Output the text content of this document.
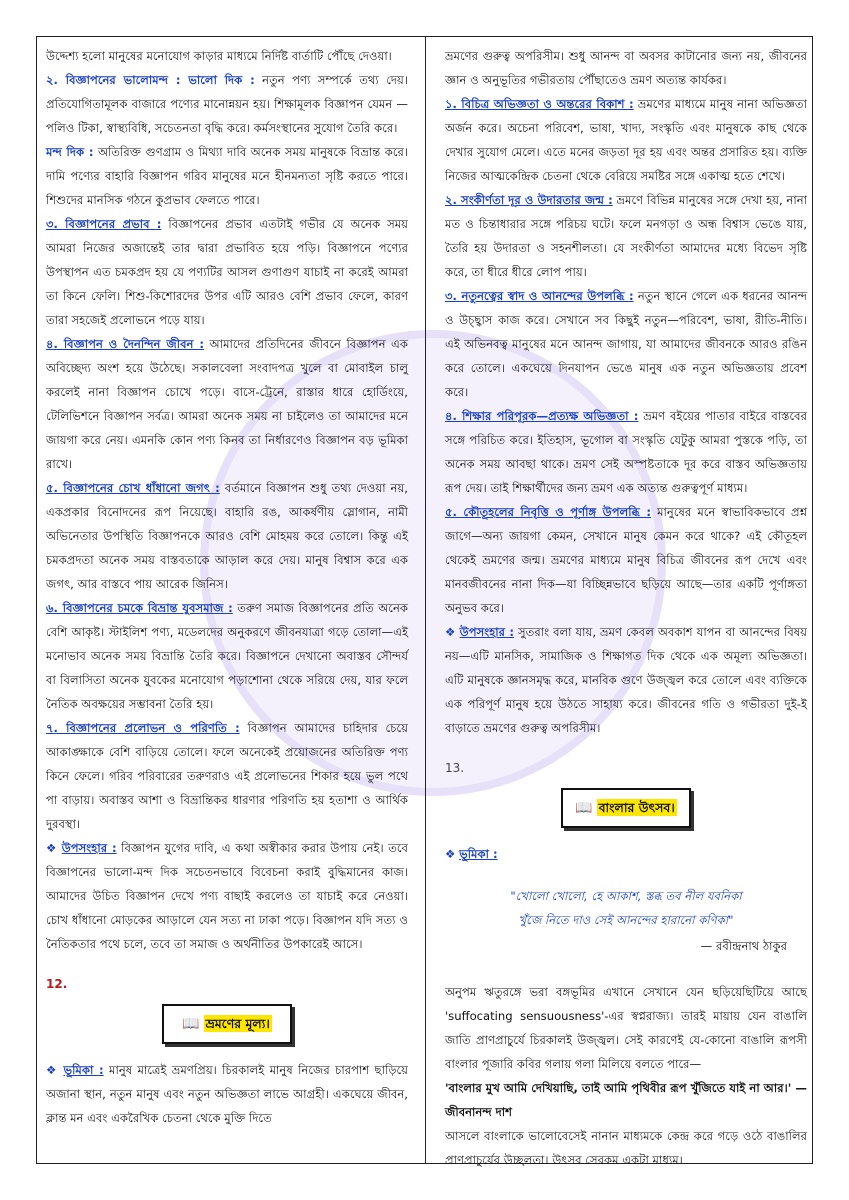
উদ্দেশ্য হলো মানুষের মনোযোগ কাড়ার মাধ্যমে নির্দিষ্ট বার্তাটি পৌঁছে দেওয়া।

২. বিজ্ঞাপনের ভালোমন্দ : ভালো দিক : নতুন পণ্য সম্পর্কে তথ্য দেয়। প্রতিযোগিতামূলক বাজারে পণ্যের মানোন্নয়ন হয়। শিক্ষামূলক বিজ্ঞাপন যেমন — পলিও টিকা, স্বাস্থ্যবিধি, সচেতনতা বৃদ্ধি করে। কর্মসংস্থানের সুযোগ তৈরি করে।

মন্দ দিক : অতিরিক্ত গুণগ্রাম ও মিথ্যা দাবি অনেক সময় মানুষকে বিভ্রান্ত করে। দামি পণ্যের বাহারি বিজ্ঞাপন গরিব মানুষের মনে হীনমন্যতা সৃষ্টি করতে পারে। শিশুদের মানসিক গঠনে কুপ্রভাব ফেলতে পারে।

৩. বিজ্ঞাপনের প্রভাব : বিজ্ঞাপনের প্রভাব এতটাই গভীর যে অনেক সময় আমরা নিজের অজান্তেই তার দ্বারা প্রভাবিত হয়ে পড়ি। বিজ্ঞাপনে পণ্যের উপস্থাপন এত চমকপ্রদ হয় যে পণ্যটির আসল গুণাগুণ যাচাই না করেই আমরা তা কিনে ফেলি। শিশু-কিশোরদের উপর এটি আরও বেশি প্রভাব ফেলে, কারণ তারা সহজেই প্রলোভনে পড়ে যায়।

৪. বিজ্ঞাপন ও দৈনন্দিন জীবন : আমাদের প্রতিদিনের জীবনে বিজ্ঞাপন এক অবিচ্ছেদ্য অংশ হয়ে উঠেছে। সকালবেলা সংবাদপত্র খুলে বা মোবাইল চালু করলেই নানা বিজ্ঞাপন চোখে পড়ে। বাসে-ট্রেনে, রাস্তার ধারে হোর্ডিংয়ে, টেলিভিশনে বিজ্ঞাপন সর্বত্র। আমরা অনেক সময় না চাইলেও তা আমাদের মনে জায়গা করে নেয়। এমনকি কোন পণ্য কিনব তা নির্ধারণেও বিজ্ঞাপন বড় ভূমিকা রাখে।

৫. বিজ্ঞাপনের চোখ ধাঁধানো জগৎ : বর্তমানে বিজ্ঞাপন শুধু তথ্য দেওয়া নয়, একপ্রকার বিনোদনের রূপ নিয়েছে। বাহারি রঙ, আকর্ষণীয় স্লোগান, নামী অভিনেতার উপস্থিতি বিজ্ঞাপনকে আরও বেশি মোহময় করে তোলে। কিন্তু এই চমকপ্রদতা অনেক সময় বাস্তবতাকে আড়াল করে দেয়। মানুষ বিশ্বাস করে এক জগৎ, আর বাস্তবে পায় আরেক জিনিস।

৬. বিজ্ঞাপনের চমকে বিভ্রান্ত যুবসমাজ : তরুণ সমাজ বিজ্ঞাপনের প্রতি অনেক বেশি আকৃষ্ট। স্টাইলিশ পণ্য, মডেলদের অনুকরণে জীবনযাত্রা গড়ে তোলা—এই মনোভাব অনেক সময় বিভ্রান্তি তৈরি করে। বিজ্ঞাপনে দেখানো অবাস্তব সৌন্দর্য বা বিলাসিতা অনেক যুবকের মনোযোগ পড়াশোনা থেকে সরিয়ে দেয়, যার ফলে নৈতিক অবক্ষয়ের সম্ভাবনা তৈরি হয়।

৭. বিজ্ঞাপনের প্রলোভন ও পরিণতি : বিজ্ঞাপন আমাদের চাহিদার চেয়ে আকাঙ্ক্ষাকে বেশি বাড়িয়ে তোলে। ফলে অনেকেই প্রয়োজনের অতিরিক্ত পণ্য কিনে ফেলে। গরিব পরিবারের তরুণরাও এই প্রলোভনের শিকার হয়ে ভুল পথে পা বাড়ায়। অবাস্তব আশা ও বিভ্রান্তিকর ধারণার পরিণতি হয় হতাশা ও আর্থিক দুরবস্থা।

❖ উপসংহার : বিজ্ঞাপন যুগের দাবি, এ কথা অস্বীকার করার উপায় নেই। তবে বিজ্ঞাপনের ভালো-মন্দ দিক সচেতনভাবে বিবেচনা করাই বুদ্ধিমানের কাজ। আমাদের উচিত বিজ্ঞাপন দেখে পণ্য বাছাই করলেও তা যাচাই করে নেওয়া। চোখ ধাঁধানো মোড়কের আড়ালে যেন সত্য না ঢাকা পড়ে। বিজ্ঞাপন যদি সত্য ও নৈতিকতার পথে চলে, তবে তা সমাজ ও অর্থনীতির উপকারেই আসে।

12.
📖 ভ্রমণের মূল্য।

❖ ভূমিকা : মানুষ মাত্রেই ভ্রমণপ্রিয়। চিরকালই মানুষ নিজের চারপাশ ছাড়িয়ে অজানা স্থান, নতুন মানুষ এবং নতুন অভিজ্ঞতা লাভে আগ্রহী। একঘেয়ে জীবন, ক্লান্ত মন এবং একরৈখিক চেতনা থেকে মুক্তি দিতে

ভ্রমণের গুরুত্ব অপরিসীম। শুধু আনন্দ বা অবসর কাটানোর জন্য নয়, জীবনের জ্ঞান ও অনুভূতির গভীরতায় পৌঁছাতেও ভ্রমণ অত্যন্ত কার্যকর।

১. বিচিত্র অভিজ্ঞতা ও অন্তরের বিকাশ : ভ্রমণের মাধ্যমে মানুষ নানা অভিজ্ঞতা অর্জন করে। অচেনা পরিবেশ, ভাষা, খাদ্য, সংস্কৃতি এবং মানুষকে কাছ থেকে দেখার সুযোগ মেলে। এতে মনের জড়তা দূর হয় এবং অন্তর প্রসারিত হয়। ব্যক্তি নিজের আত্মকেন্দ্রিক চেতনা থেকে বেরিয়ে সমষ্টির সঙ্গে একাত্ম হতে শেখে।

২. সংকীর্ণতা দূর ও উদারতার জন্ম : ভ্রমণে বিভিন্ন মানুষের সঙ্গে দেখা হয়, নানা মত ও চিন্তাধারার সঙ্গে পরিচয় ঘটে। ফলে মনগড়া ও অন্ধ বিশ্বাস ভেঙে যায়, তৈরি হয় উদারতা ও সহনশীলতা। যে সংকীর্ণতা আমাদের মধ্যে বিভেদ সৃষ্টি করে, তা ধীরে ধীরে লোপ পায়।

৩. নতুনত্বের স্বাদ ও আনন্দের উপলব্ধি : নতুন স্থানে গেলে এক ধরনের আনন্দ ও উচ্ছ্বাস কাজ করে। সেখানে সব কিছুই নতুন—পরিবেশ, ভাষা, রীতি-নীতি। এই অভিনবত্ব মানুষের মনে আনন্দ জাগায়, যা আমাদের জীবনকে আরও রঙিন করে তোলে। একঘেয়ে দিনযাপন ভেঙে মানুষ এক নতুন অভিজ্ঞতায় প্রবেশ করে।

৪. শিক্ষার পরিপূরক—প্রত্যক্ষ অভিজ্ঞতা : ভ্রমণ বইয়ের পাতার বাইরে বাস্তবের সঙ্গে পরিচিত করে। ইতিহাস, ভূগোল বা সংস্কৃতি যেটুকু আমরা পুস্তকে পড়ি, তা অনেক সময় আবছা থাকে। ভ্রমণ সেই অস্পষ্টতাকে দূর করে বাস্তব অভিজ্ঞতায় রূপ দেয়। তাই শিক্ষার্থীদের জন্য ভ্রমণ এক অত্যন্ত গুরুত্বপূর্ণ মাধ্যম।

৫. কৌতূহলের নিবৃত্তি ও পূর্ণাঙ্গ উপলব্ধি : মানুষের মনে স্বাভাবিকভাবে প্রশ্ন জাগে—অন্য জায়গা কেমন, সেখানে মানুষ কেমন করে থাকে? এই কৌতূহল থেকেই ভ্রমণের জন্ম। ভ্রমণের মাধ্যমে মানুষ বিচিত্র জীবনের রূপ দেখে এবং মানবজীবনের নানা দিক—যা বিচ্ছিন্নভাবে ছড়িয়ে আছে—তার একটি পূর্ণাঙ্গতা অনুভব করে।

❖ উপসংহার : সুতরাং বলা যায়, ভ্রমণ কেবল অবকাশ যাপন বা আনন্দের বিষয় নয়—এটি মানসিক, সামাজিক ও শিক্ষাগত দিক থেকে এক অমূল্য অভিজ্ঞতা। এটি মানুষকে জ্ঞানসমৃদ্ধ করে, মানবিক গুণে উজ্জ্বল করে তোলে এবং ব্যক্তিকে এক পরিপূর্ণ মানুষ হয়ে উঠতে সাহায্য করে। জীবনের গতি ও গভীরতা দুই-ই বাড়াতে ভ্রমণের গুরুত্ব অপরিসীম।

13.
📖 বাংলার উৎসব।

❖ ভূমিকা :

"খোলো খোলো, হে আকাশ, স্তব্ধ তব নীল যবনিকা
খুঁজে নিতে দাও সেই আনন্দের হারানো কণিকা"
— রবীন্দ্রনাথ ঠাকুর

অনুপম ঋতুরঙ্গে ভরা বঙ্গভূমির এখানে সেখানে যেন ছড়িয়েছিটিয়ে আছে 'suffocating sensuousness'-এর স্বপ্নরাজ্য। তারই মায়ায় যেন বাঙালি জাতি প্রাণপ্রাচুর্যে চিরকালই উজ্জ্বল। সেই কারণেই যে-কোনো বাঙালি রূপসী বাংলার পূজারি কবির গলায় গলা মিলিয়ে বলতে পারে—

'বাংলার মুখ আমি দেখিয়াছি, তাই আমি পৃথিবীর রূপ খুঁজিতে যাই না আর।' — জীবনানন্দ দাশ

আসলে বাংলাকে ভালোবেসেই নানান মাধ্যমকে কেন্দ্র করে গড়ে ওঠে বাঙালির প্রাণপ্রাচুর্যের উচ্ছলতা। উৎসব সেরকম একটা মাধ্যম।
